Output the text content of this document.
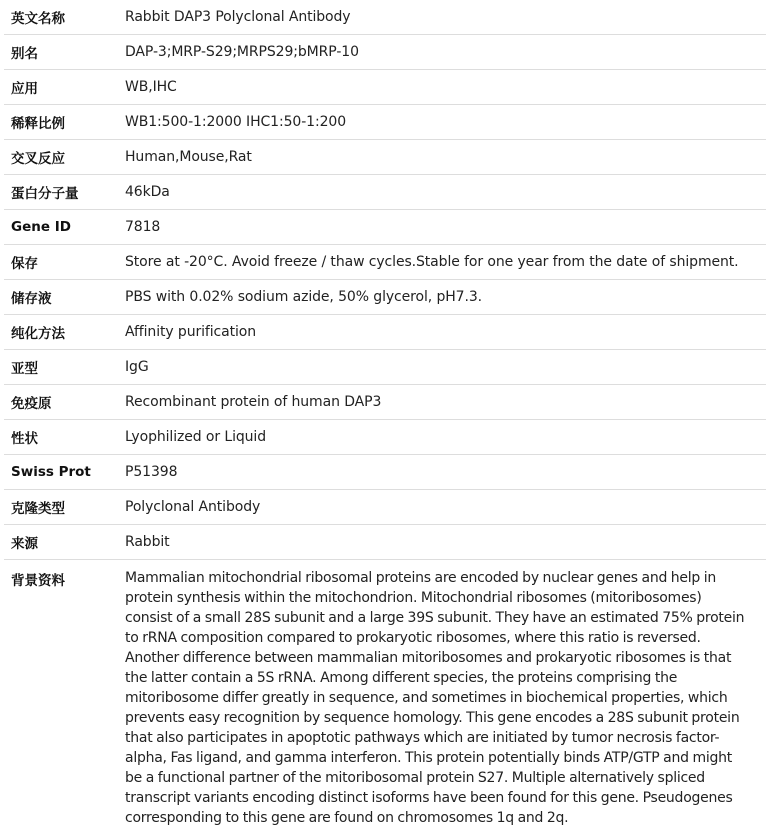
英文名称	Rabbit DAP3 Polyclonal Antibody
别名	DAP-3;MRP-S29;MRPS29;bMRP-10
应用	WB,IHC
稀释比例	WB1:500-1:2000 IHC1:50-1:200
交叉反应	Human,Mouse,Rat
蛋白分子量	46kDa
Gene ID	7818
保存	Store at -20°C. Avoid freeze / thaw cycles.Stable for one year from the date of shipment.
储存液	PBS with 0.02% sodium azide, 50% glycerol, pH7.3.
纯化方法	Affinity purification
亚型	IgG
免疫原	Recombinant protein of human DAP3
性状	Lyophilized or Liquid
Swiss Prot	P51398
克隆类型	Polyclonal Antibody
来源	Rabbit
背景资料	Mammalian mitochondrial ribosomal proteins are encoded by nuclear genes and help in protein synthesis within the mitochondrion. Mitochondrial ribosomes (mitoribosomes) consist of a small 28S subunit and a large 39S subunit. They have an estimated 75% protein to rRNA composition compared to prokaryotic ribosomes, where this ratio is reversed. Another difference between mammalian mitoribosomes and prokaryotic ribosomes is that the latter contain a 5S rRNA. Among different species, the proteins comprising the mitoribosome differ greatly in sequence, and sometimes in biochemical properties, which prevents easy recognition by sequence homology. This gene encodes a 28S subunit protein that also participates in apoptotic pathways which are initiated by tumor necrosis factor-alpha, Fas ligand, and gamma interferon. This protein potentially binds ATP/GTP and might be a functional partner of the mitoribosomal protein S27. Multiple alternatively spliced transcript variants encoding distinct isoforms have been found for this gene. Pseudogenes corresponding to this gene are found on chromosomes 1q and 2q.
